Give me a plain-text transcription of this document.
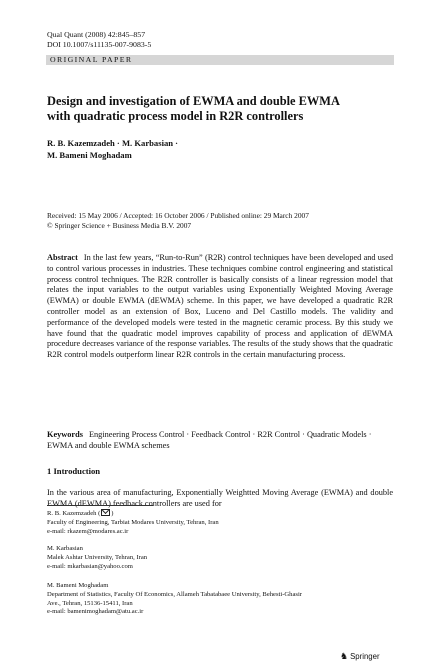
Qual Quant (2008) 42:845–857
DOI 10.1007/s11135-007-9083-5
ORIGINAL PAPER
Design and investigation of EWMA and double EWMA
with quadratic process model in R2R controllers
R. B. Kazemzadeh · M. Karbasian ·
M. Bameni Moghadam
Received: 15 May 2006 / Accepted: 16 October 2006 / Published online: 29 March 2007
© Springer Science + Business Media B.V. 2007
Abstract In the last few years, “Run-to-Run” (R2R) control techniques have been developed and used to control various processes in industries. These techniques combine control engineering and statistical process control techniques. The R2R controller is basically consists of a linear regression model that relates the input variables to the output variables using Exponentially Weighted Moving Average (EWMA) or double EWMA (dEWMA) scheme. In this paper, we have developed a quadratic R2R controller model as an extension of Box, Luceno and Del Castillo models. The validity and performance of the developed models were tested in the magnetic ceramic process. By this study we have found that the quadratic model improves capability of process and application of dEWMA procedure decreases variance of the response variables. The results of the study shows that the quadratic R2R control models outperform linear R2R controls in the certain manufacturing process.
Keywords Engineering Process Control · Feedback Control · R2R Control · Quadratic Models · EWMA and double EWMA schemes
1 Introduction
In the various area of manufacturing, Exponentially Weightted Moving Average (EWMA) and double EWMA (dEWMA) feedback controllers are used for
R. B. Kazemzadeh ( )
Faculty of Engineering, Tarbiat Modares University, Tehran, Iran
e-mail: rkazem@modares.ac.ir
M. Karbasian
Malek Ashtar University, Tehran, Iran
e-mail: mkarbasian@yahoo.com
M. Bameni Moghadam
Department of Statistics, Faculty Of Economics, Allameh Tabatabaee University, Behesti-Ghasir
Ave., Tehran, 15136-15411, Iran
e-mail: bamenimoghadam@atu.ac.ir
♞ Springer
